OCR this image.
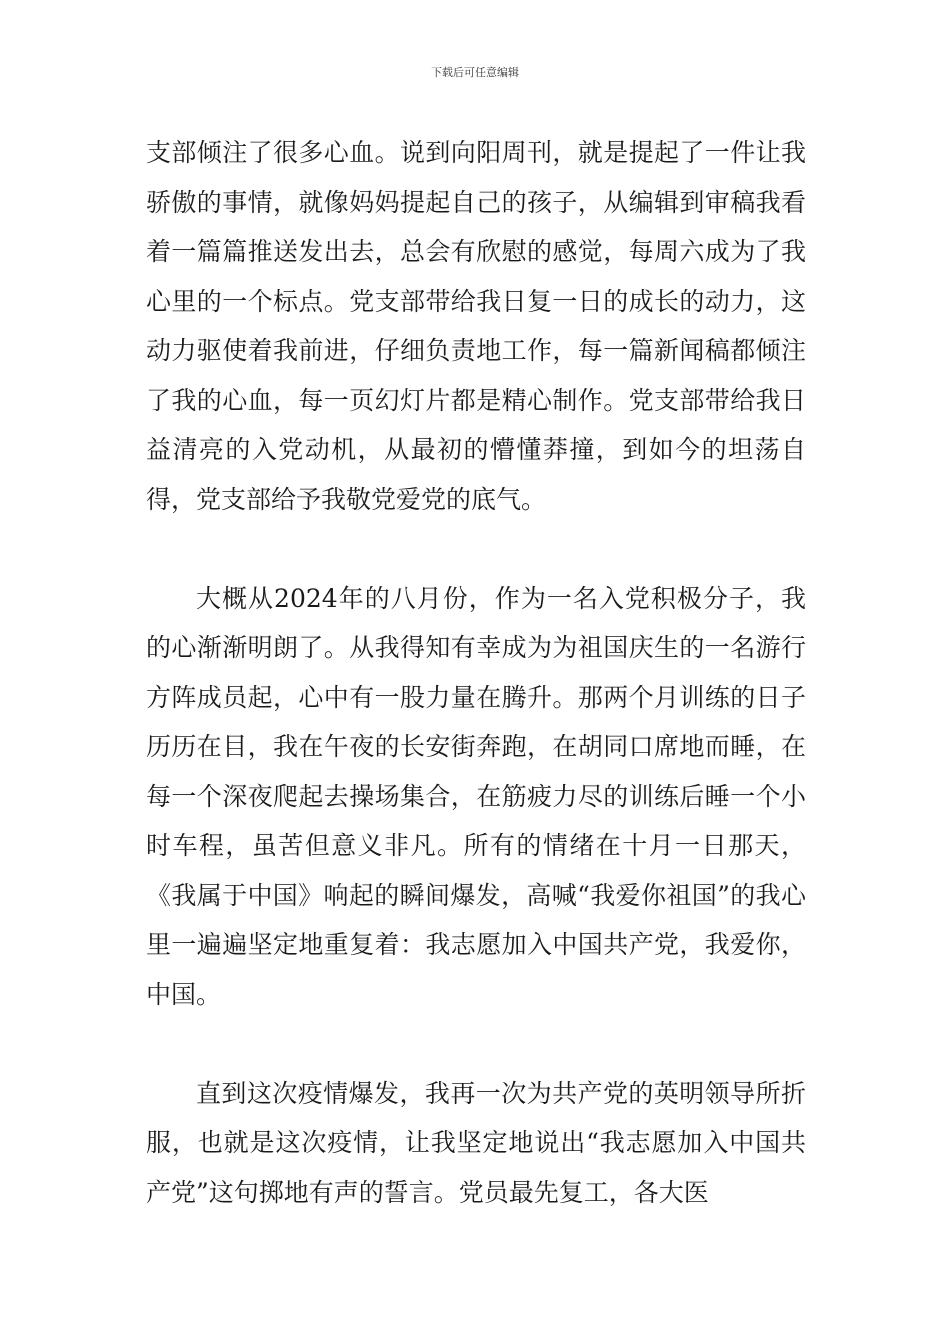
下载后可任意编辑

支部倾注了很多心血。说到向阳周刊，就是提起了一件让我骄傲的事情，就像妈妈提起自己的孩子，从编辑到审稿我看着一篇篇推送发出去，总会有欣慰的感觉，每周六成为了我心里的一个标点。党支部带给我日复一日的成长的动力，这动力驱使着我前进，仔细负责地工作，每一篇新闻稿都倾注了我的心血，每一页幻灯片都是精心制作。党支部带给我日益清亮的入党动机，从最初的懵懂莽撞，到如今的坦荡自得，党支部给予我敬党爱党的底气。

大概从2024年的八月份，作为一名入党积极分子，我的心渐渐明朗了。从我得知有幸成为为祖国庆生的一名游行方阵成员起，心中有一股力量在腾升。那两个月训练的日子历历在目，我在午夜的长安街奔跑，在胡同口席地而睡，在每一个深夜爬起去操场集合，在筋疲力尽的训练后睡一个小时车程，虽苦但意义非凡。所有的情绪在十月一日那天，《我属于中国》响起的瞬间爆发，高喊“我爱你祖国”的我心里一遍遍坚定地重复着：我志愿加入中国共产党，我爱你，中国。

直到这次疫情爆发，我再一次为共产党的英明领导所折服，也就是这次疫情，让我坚定地说出“我志愿加入中国共产党”这句掷地有声的誓言。党员最先复工，各大医
